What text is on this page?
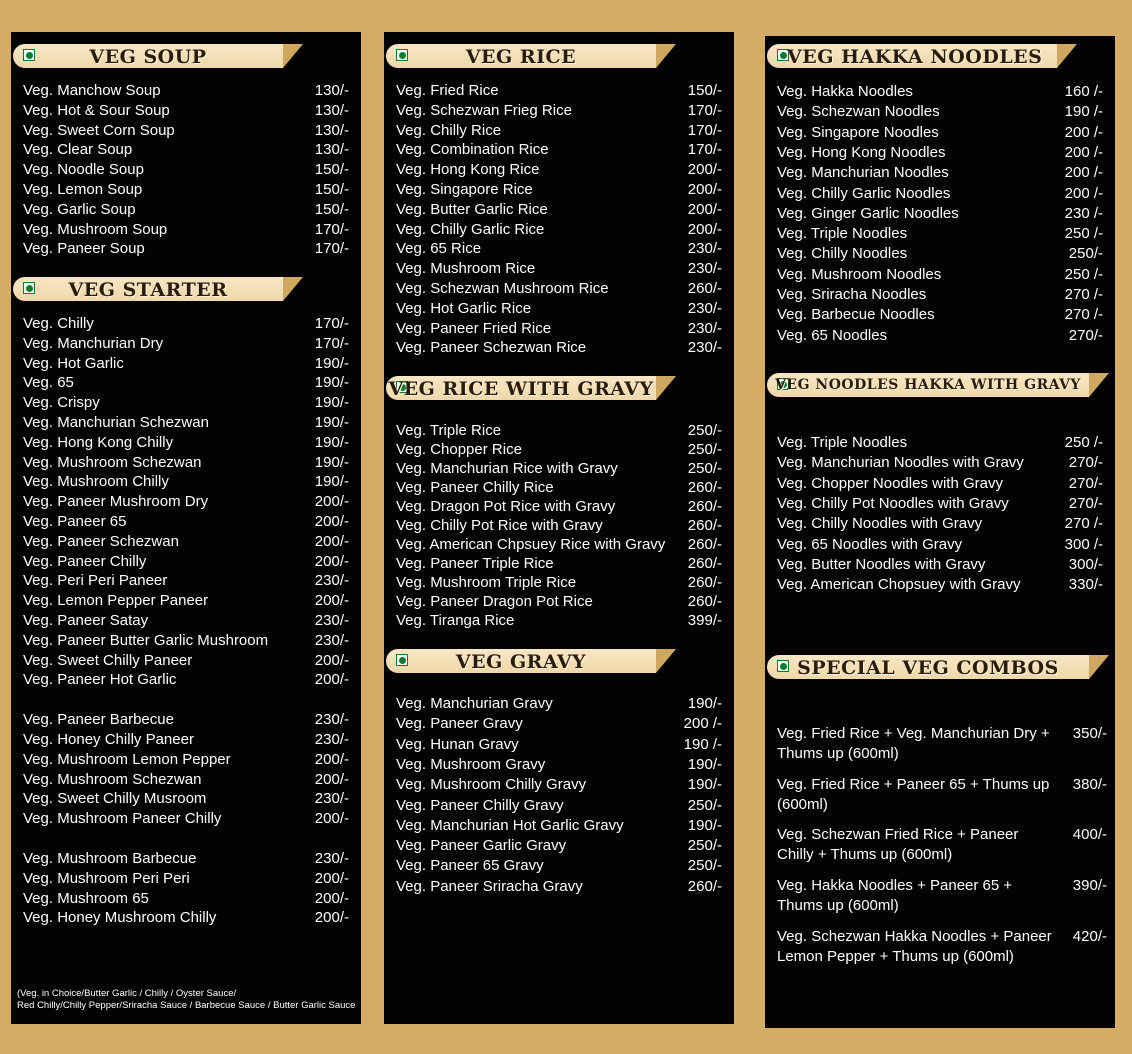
VEG SOUP
VEG STARTER
(Veg. in Choice/Butter Garlic / Chilly / Oyster Sauce/
Red Chilly/Chilly Pepper/Sriracha Sauce / Barbecue Sauce / Butter Garlic Sauce
Veg. Manchow Soup	130/-
Veg. Hot & Sour Soup	130/-
Veg. Sweet Corn Soup	130/-
Veg. Clear Soup	130/-
Veg. Noodle Soup	150/-
Veg. Lemon Soup	150/-
Veg. Garlic Soup	150/-
Veg. Mushroom Soup	170/-
Veg. Paneer Soup	170/-
Veg. Chilly	170/-
Veg. Manchurian Dry	170/-
Veg. Hot Garlic	190/-
Veg. 65	190/-
Veg. Crispy	190/-
Veg. Manchurian Schezwan	190/-
Veg. Hong Kong Chilly	190/-
Veg. Mushroom Schezwan	190/-
Veg. Mushroom Chilly	190/-
Veg. Paneer Mushroom Dry	200/-
Veg. Paneer 65	200/-
Veg. Paneer Schezwan	200/-
Veg. Paneer Chilly	200/-
Veg. Peri Peri Paneer	230/-
Veg. Lemon Pepper Paneer	200/-
Veg. Paneer Satay	230/-
Veg. Paneer Butter Garlic Mushroom	230/-
Veg. Sweet Chilly Paneer	200/-
Veg. Paneer Hot Garlic	200/-
Veg. Paneer Barbecue	230/-
Veg. Honey Chilly Paneer	230/-
Veg. Mushroom Lemon Pepper	200/-
Veg. Mushroom Schezwan	200/-
Veg. Sweet Chilly Musroom	230/-
Veg. Mushroom Paneer Chilly	200/-
Veg. Mushroom Barbecue	230/-
Veg. Mushroom Peri Peri	200/-
Veg. Mushroom 65	200/-
Veg. Honey Mushroom Chilly	200/-
VEG RICE
VEG RICE WITH GRAVY
VEG GRAVY
Veg. Fried Rice	150/-
Veg. Schezwan Frieg Rice	170/-
Veg. Chilly Rice	170/-
Veg. Combination Rice	170/-
Veg. Hong Kong Rice	200/-
Veg. Singapore Rice	200/-
Veg. Butter Garlic Rice	200/-
Veg. Chilly Garlic Rice	200/-
Veg. 65 Rice	230/-
Veg. Mushroom Rice	230/-
Veg. Schezwan Mushroom Rice	260/-
Veg. Hot Garlic Rice	230/-
Veg. Paneer Fried Rice	230/-
Veg. Paneer Schezwan Rice	230/-
Veg. Triple Rice	250/-
Veg. Chopper Rice	250/-
Veg. Manchurian Rice with Gravy	250/-
Veg. Paneer Chilly Rice	260/-
Veg. Dragon Pot Rice with Gravy	260/-
Veg. Chilly Pot Rice with Gravy	260/-
Veg. American Chpsuey Rice with Gravy 260/-
Veg. Paneer Triple Rice	260/-
Veg. Mushroom Triple Rice	260/-
Veg. Paneer Dragon Pot Rice	260/-
Veg. Tiranga Rice	399/-
Veg. Manchurian Gravy	190/-
Veg. Paneer Gravy	200 /-
Veg. Hunan Gravy	190 /-
Veg. Mushroom Gravy	190/-
Veg. Mushroom Chilly Gravy	190/-
Veg. Paneer Chilly Gravy	250/-
Veg. Manchurian Hot Garlic Gravy	190/-
Veg. Paneer Garlic Gravy	250/-
Veg. Paneer 65 Gravy	250/-
Veg. Paneer Sriracha Gravy	260/-
VEG HAKKA NOODLES
VEG NOODLES HAKKA WITH GRAVY
SPECIAL VEG COMBOS
Veg. Hakka Noodles	160 /-
Veg. Schezwan Noodles	190 /-
Veg. Singapore Noodles	200 /-
Veg. Hong Kong Noodles	200 /-
Veg. Manchurian Noodles	200 /-
Veg. Chilly Garlic Noodles	200 /-
Veg. Ginger Garlic Noodles	230 /-
Veg. Triple Noodles	250 /-
Veg. Chilly Noodles	250/-
Veg. Mushroom Noodles	250 /-
Veg. Sriracha Noodles	270 /-
Veg. Barbecue Noodles	270 /-
Veg. 65 Noodles	270/-
Veg. Triple Noodles	250 /-
Veg. Manchurian Noodles with Gravy	270/-
Veg. Chopper Noodles with Gravy	270/-
Veg. Chilly Pot Noodles with Gravy	270/-
Veg. Chilly Noodles with Gravy	270 /-
Veg. 65 Noodles with Gravy	300 /-
Veg. Butter Noodles with Gravy	300/-
Veg. American Chopsuey with Gravy	330/-
Veg. Fried Rice + Veg. Manchurian Dry + Thums up (600ml)
350/-
Veg. Fried Rice + Paneer 65 + Thums up (600ml)
380/-
Veg. Schezwan Fried Rice + Paneer Chilly + Thums up (600ml)
400/-
Veg. Hakka Noodles + Paneer 65 + Thums up (600ml)
390/-
Veg. Schezwan Hakka Noodles + Paneer Lemon Pepper + Thums up (600ml)
420/-
